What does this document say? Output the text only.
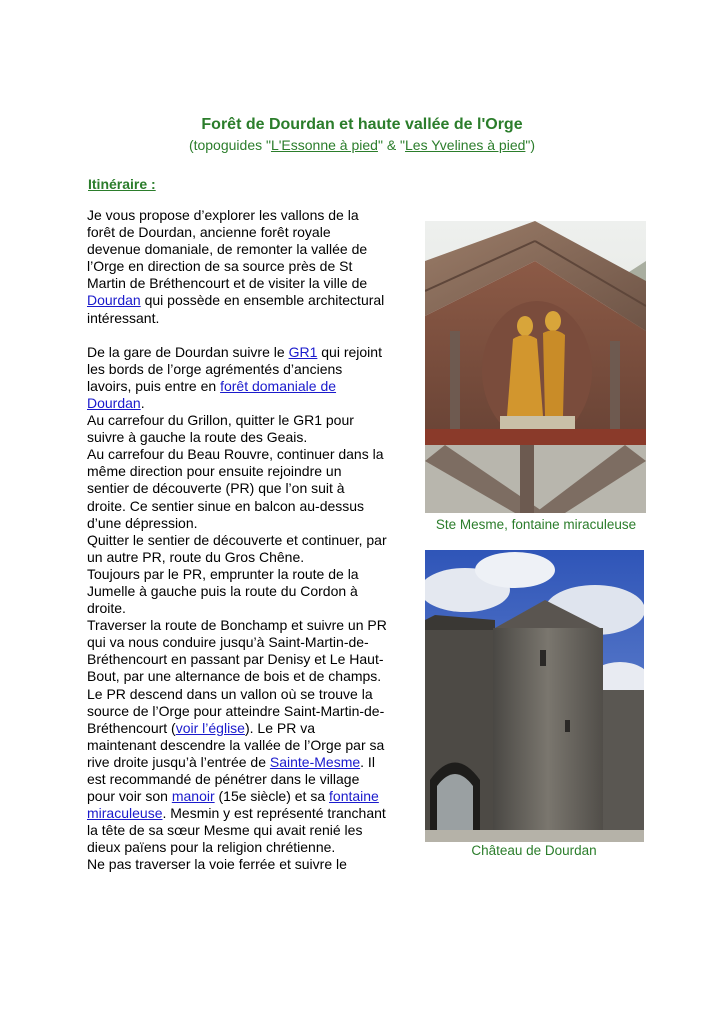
Forêt de Dourdan et haute vallée de l'Orge
(topoguides "L'Essonne à pied" & "Les Yvelines à pied")
Itinéraire :

Je vous propose d’explorer les vallons de la forêt de Dourdan, ancienne forêt royale devenue domaniale, de remonter la vallée de l’Orge en direction de sa source près de St Martin de Bréthencourt et de visiter la ville de Dourdan qui possède en ensemble architectural intéressant.

De la gare de Dourdan suivre le GR1 qui rejoint les bords de l’orge agrémentés d’anciens lavoirs, puis entre en forêt domaniale de Dourdan.

Au carrefour du Grillon, quitter le GR1 pour suivre à gauche la route des Geais.

Au carrefour du Beau Rouvre, continuer dans la même direction pour ensuite rejoindre un sentier de découverte (PR) que l’on suit à droite. Ce sentier sinue en balcon au-dessus d’une dépression.

Quitter le sentier de découverte et continuer, par un autre PR, route du Gros Chêne.

Toujours par le PR, emprunter la route de la Jumelle à gauche puis la route du Cordon à droite.

Traverser la route de Bonchamp et suivre un PR qui va nous conduire jusqu’à Saint-Martin-de-Bréthencourt en passant par Denisy et Le Haut-Bout, par une alternance de bois et de champs.

Le PR descend dans un vallon où se trouve la source de l’Orge pour atteindre Saint-Martin-de-Bréthencourt (voir l’église). Le PR va maintenant descendre la vallée de l’Orge par sa rive droite jusqu’à l’entrée de Sainte-Mesme. Il est recommandé de pénétrer dans le village pour voir son manoir (15e siècle) et sa fontaine miraculeuse. Mesmin y est représenté tranchant la tête de sa sœur Mesme qui avait renié les dieux païens pour la religion chrétienne.

Ne pas traverser la voie ferrée et suivre le

Ste Mesme, fontaine miraculeuse
Château de Dourdan
